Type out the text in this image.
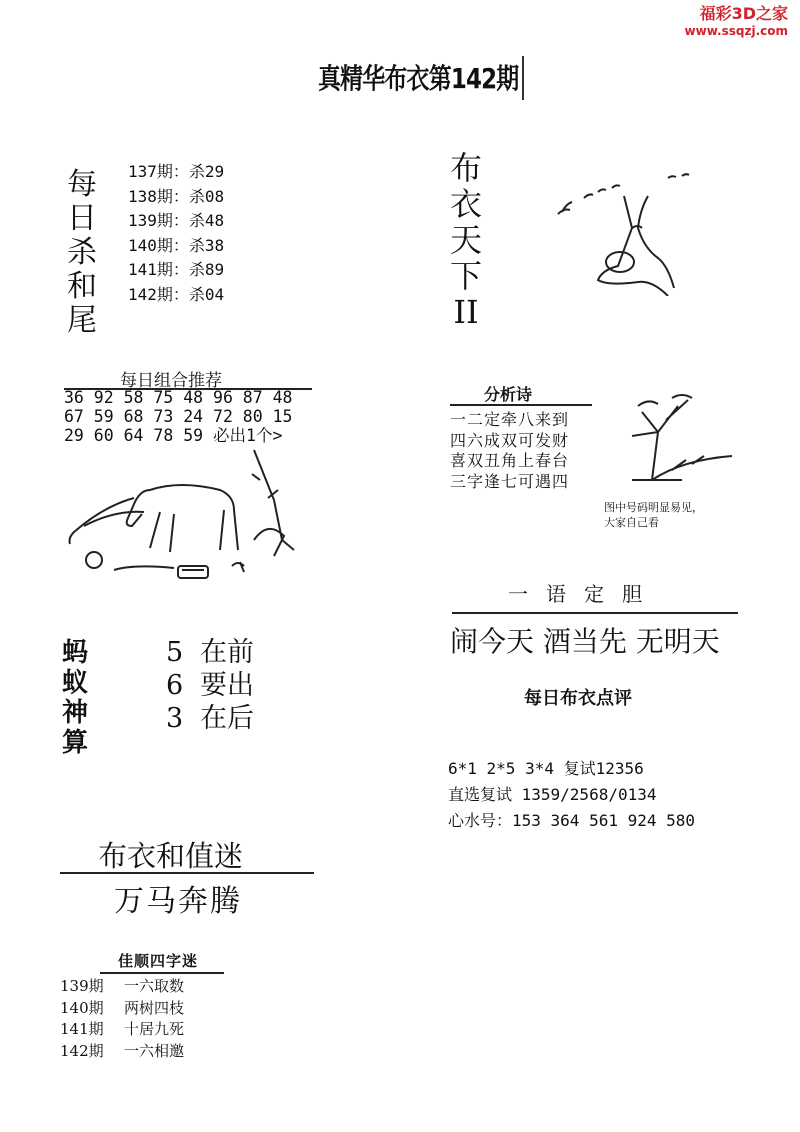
福彩3D之家
www.ssqzj.com
真精华布衣第142期
每
日
杀
和
尾
137期：杀29
138期：杀08
139期：杀48
140期：杀38
141期：杀89
142期：杀04
布
衣
天
下
II
每日组合推荐
36 92 58 75 48 96 87 48
67 59 68 73 24 72 80 15
29 60 64 78 59 必出1个>
分析诗
一二定牵八来到
四六成双可发财
喜双丑角上春台
三字逢七可遇四
图中号码明显易见，
大家自己看
一语定胆
闹今天 酒当先 无明天
每日布衣点评
6*1 2*5 3*4 复试12356
直选复试 1359/2568/0134
心水号：153 364 561 924 580
蚂
蚁
神
算
5 在前
6 要出
3 在后
布衣和值迷
万马奔腾
佳顺四字迷
139期 一六取数
140期 两树四枝
141期 十居九死
142期 一六相邀
